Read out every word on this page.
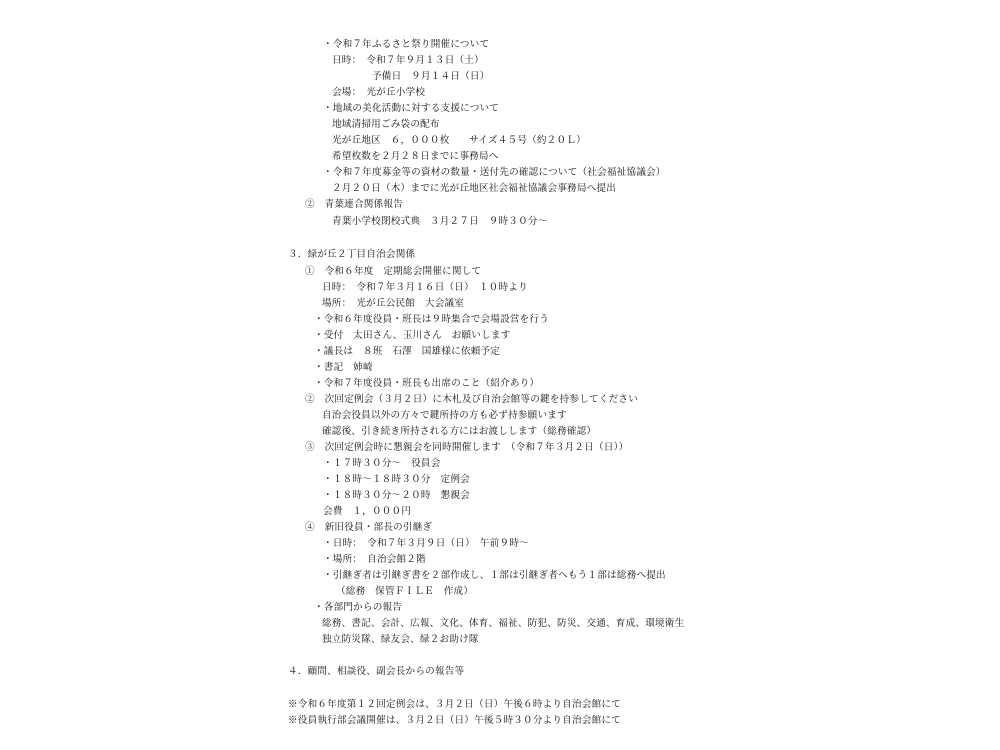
・令和７年ふるさと祭り開催について
日時：　令和７年９月１３日（土）
予備日　９月１４日（日）
会場：　光が丘小学校
・地域の美化活動に対する支援について
地域清掃用ごみ袋の配布
光が丘地区　６，０００枚　　サイズ４５号（約２０Ｌ）
希望枚数を２月２８日までに事務局へ
・令和７年度募金等の資材の数量・送付先の確認について（社会福祉協議会）
２月２０日（木）までに光が丘地区社会福祉協議会事務局へ提出
②　青葉連合関係報告
青葉小学校閉校式典　３月２７日　９時３０分～
３．緑が丘２丁目自治会関係
①　令和６年度　定期総会開催に関して
日時：　令和７年３月１６日（日）　１０時より
場所：　光が丘公民館　大会議室
・令和６年度役員・班長は９時集合で会場設営を行う
・受付　太田さん、玉川さん　お願いします
・議長は　８班　石澤　国雄様に依頼予定
・書記　姉崎
・令和７年度役員・班長も出席のこと（紹介あり）
②　次回定例会（３月２日）に木札及び自治会館等の鍵を持参してください
自治会役員以外の方々で鍵所持の方も必ず持参願います
確認後、引き続き所持される方にはお渡しします（総務確認）
③　次回定例会時に懇親会を同時開催します　（令和７年３月２日（日））
・１７時３０分～　役員会
・１８時～１８時３０分　定例会
・１８時３０分～２０時　懇親会
会費　１，０００円
④　新旧役員・部長の引継ぎ
・日時：　令和７年３月９日（日）　午前９時～
・場所：　自治会館２階
・引継ぎ者は引継ぎ書を２部作成し、１部は引継ぎ者へもう１部は総務へ提出
（総務　保管ＦＩＬＥ　作成）
・各部門からの報告
総務、書記、会計、広報、文化、体育、福祉、防犯、防災、交通、育成、環境衛生
独立防災隊、緑友会、緑２お助け隊
４．顧問、相談役、副会長からの報告等
※令和６年度第１２回定例会は、３月２日（日）午後６時より自治会館にて
※役員執行部会議開催は、３月２日（日）午後５時３０分より自治会館にて
